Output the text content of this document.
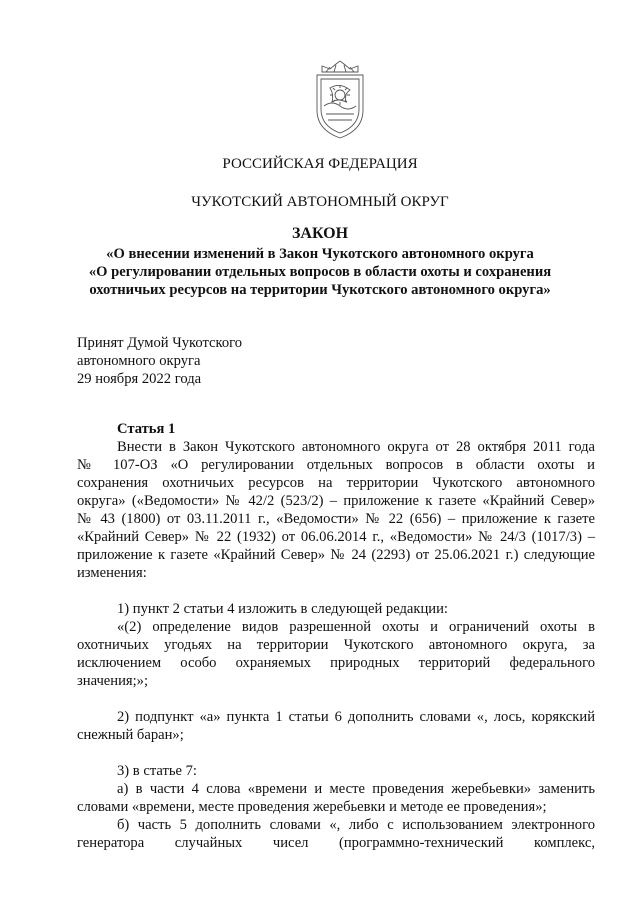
РОССИЙСКАЯ ФЕДЕРАЦИЯ

ЧУКОТСКИЙ АВТОНОМНЫЙ ОКРУГ

ЗАКОН

«О внесении изменений в Закон Чукотского автономного округа
«О регулировании отдельных вопросов в области охоты и сохранения
охотничьих ресурсов на территории Чукотского автономного округа»
Принят Думой Чукотского
автономного округа
29 ноября 2022 года
Статья 1
Внести в Закон Чукотского автономного округа от 28 октября 2011 года
№ 107-ОЗ «О регулировании отдельных вопросов в области охоты и
сохранения охотничьих ресурсов на территории Чукотского автономного
округа» («Ведомости» № 42/2 (523/2) – приложение к газете «Крайний Север»
№ 43 (1800) от 03.11.2011 г., «Ведомости» № 22 (656) – приложение к газете
«Крайний Север» № 22 (1932) от 06.06.2014 г., «Ведомости» № 24/3 (1017/3) –
приложение к газете «Крайний Север» № 24 (2293) от 25.06.2021 г.) следующие
изменения:
1) пункт 2 статьи 4 изложить в следующей редакции:
«(2) определение видов разрешенной охоты и ограничений охоты в
охотничьих угодьях на территории Чукотского автономного округа, за
исключением особо охраняемых природных территорий федерального
значения;»;
2) подпункт «а» пункта 1 статьи 6 дополнить словами «, лось, корякский
снежный баран»;
3) в статье 7:
а) в части 4 слова «времени и месте проведения жеребьевки» заменить
словами «времени, месте проведения жеребьевки и методе ее проведения»;
б) часть 5 дополнить словами «, либо с использованием электронного
генератора случайных чисел (программно-технический комплекс,
